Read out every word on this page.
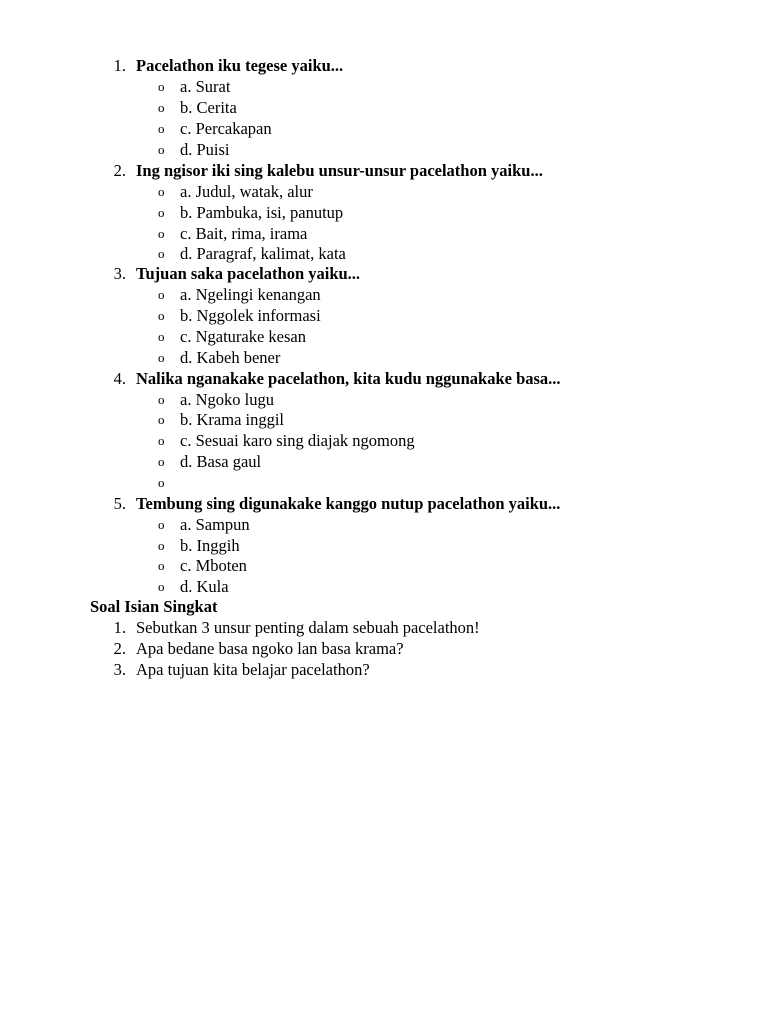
1. Pacelathon iku tegese yaiku...
o a. Surat
o b. Cerita
o c. Percakapan
o d. Puisi
2. Ing ngisor iki sing kalebu unsur-unsur pacelathon yaiku...
o a. Judul, watak, alur
o b. Pambuka, isi, panutup
o c. Bait, rima, irama
o d. Paragraf, kalimat, kata
3. Tujuan saka pacelathon yaiku...
o a. Ngelingi kenangan
o b. Nggolek informasi
o c. Ngaturake kesan
o d. Kabeh bener
4. Nalika nganakake pacelathon, kita kudu nggunakake basa...
o a. Ngoko lugu
o b. Krama inggil
o c. Sesuai karo sing diajak ngomong
o d. Basa gaul
o
5. Tembung sing digunakake kanggo nutup pacelathon yaiku...
o a. Sampun
o b. Inggih
o c. Mboten
o d. Kula
Soal Isian Singkat
1. Sebutkan 3 unsur penting dalam sebuah pacelathon!
2. Apa bedane basa ngoko lan basa krama?
3. Apa tujuan kita belajar pacelathon?
